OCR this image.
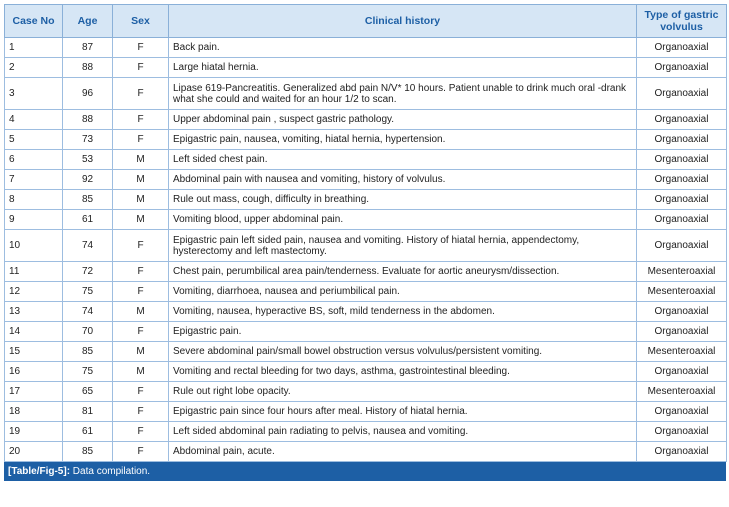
Case No	Age	Sex	Clinical history	Type of gastric volvulus
1	87	F	Back pain.	Organoaxial
2	88	F	Large hiatal hernia.	Organoaxial
3	96	F	Lipase 619-Pancreatitis. Generalized abd pain N/V* 10 hours. Patient unable to drink much oral -drank what she could and waited for an hour 1/2 to scan.	Organoaxial
4	88	F	Upper abdominal pain , suspect gastric pathology.	Organoaxial
5	73	F	Epigastric pain, nausea, vomiting, hiatal hernia, hypertension.	Organoaxial
6	53	M	Left sided chest pain.	Organoaxial
7	92	M	Abdominal pain with nausea and vomiting, history of volvulus.	Organoaxial
8	85	M	Rule out mass, cough, difficulty in breathing.	Organoaxial
9	61	M	Vomiting blood, upper abdominal pain.	Organoaxial
10	74	F	Epigastric pain left sided pain, nausea and vomiting. History of hiatal hernia, appendectomy, hysterectomy and left mastectomy.	Organoaxial
11	72	F	Chest pain, perumbilical area pain/tenderness. Evaluate for aortic aneurysm/dissection.	Mesenteroaxial
12	75	F	Vomiting, diarrhoea, nausea and periumbilical pain.	Mesenteroaxial
13	74	M	Vomiting, nausea, hyperactive BS, soft, mild tenderness in the abdomen.	Organoaxial
14	70	F	Epigastric pain.	Organoaxial
15	85	M	Severe abdominal pain/small bowel obstruction versus volvulus/persistent vomiting.	Mesenteroaxial
16	75	M	Vomiting and rectal bleeding for two days, asthma, gastrointestinal bleeding.	Organoaxial
17	65	F	Rule out right lobe opacity.	Mesenteroaxial
18	81	F	Epigastric pain since four hours after meal. History of hiatal hernia.	Organoaxial
19	61	F	Left sided abdominal pain radiating to pelvis, nausea and vomiting.	Organoaxial
20	85	F	Abdominal pain, acute.	Organoaxial
[Table/Fig-5]: Data compilation.
